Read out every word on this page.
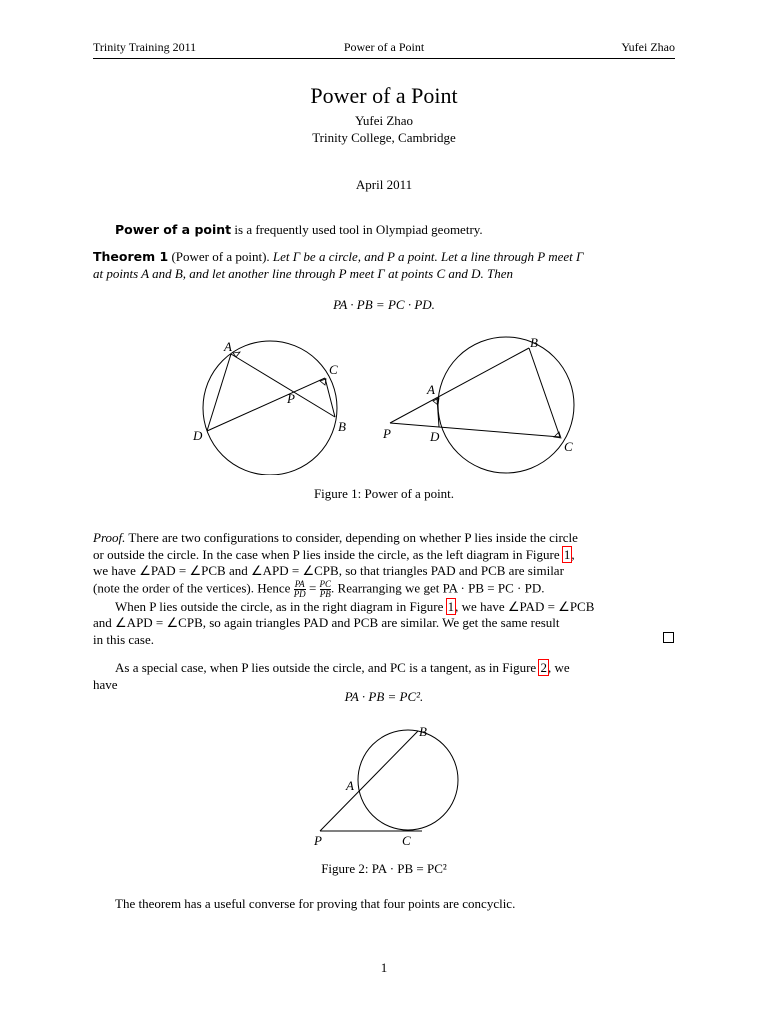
Trinity Training 2011	Power of a Point	Yufei Zhao
Power of a Point
Yufei Zhao
Trinity College, Cambridge
April 2011
Power of a point is a frequently used tool in Olympiad geometry.
Theorem 1 (Power of a point). Let Γ be a circle, and P a point. Let a line through P meet Γ
at points A and B, and let another line through P meet Γ at points C and D. Then
PA · PB = PC · PD.
A
C
P
D
B
B
A
P	D
C
Figure 1: Power of a point.
Proof. There are two configurations to consider, depending on whether P lies inside the circle
or outside the circle. In the case when P lies inside the circle, as the left diagram in Figure 1,
we have ∠PAD = ∠PCB and ∠APD = ∠CPB, so that triangles PAD and PCB are similar
(note the order of the vertices). Hence $\frac{PA}{PD} = \frac{PC}{PB}$ . Rearranging we get PA · PB = PC · PD.
When P lies outside the circle, as in the right diagram in Figure 1, we have ∠PAD = ∠PCB
and ∠APD = ∠CPB, so again triangles PAD and PCB are similar. We get the same result
in this case.
As a special case, when P lies outside the circle, and PC is a tangent, as in Figure 2, we
have
PA · PB = PC².
B
A
P	C
Figure 2: PA · PB = PC²
The theorem has a useful converse for proving that four points are concyclic.
1
